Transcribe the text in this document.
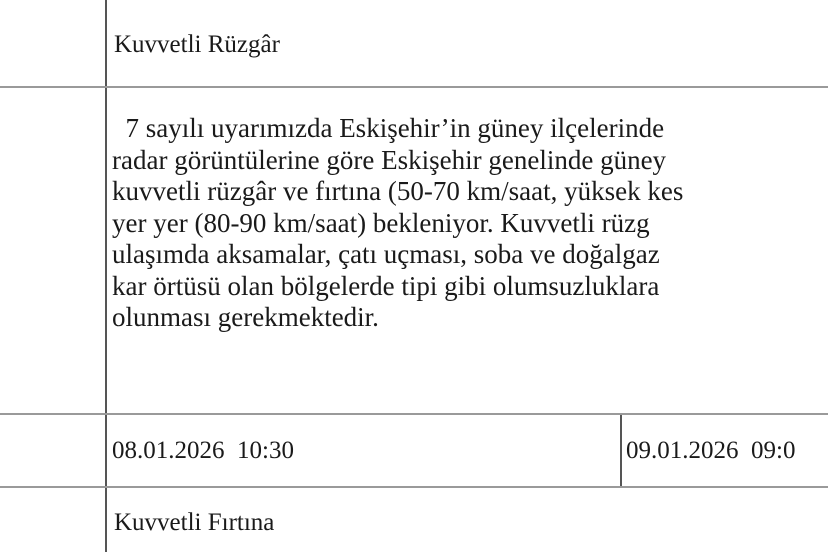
Kuvvetli Rüzgâr
7 sayılı uyarımızda Eskişehir’in güney ilçelerinde
radar görüntülerine göre Eskişehir genelinde güney
kuvvetli rüzgâr ve fırtına (50-70 km/saat, yüksek kes
yer yer (80-90 km/saat) bekleniyor. Kuvvetli rüzg
ulaşımda aksamalar, çatı uçması, soba ve doğalgaz
kar örtüsü olan bölgelerde tipi gibi olumsuzluklara
olunması gerekmektedir.
08.01.2026  10:30	09.01.2026  09:0
Kuvvetli Fırtına
